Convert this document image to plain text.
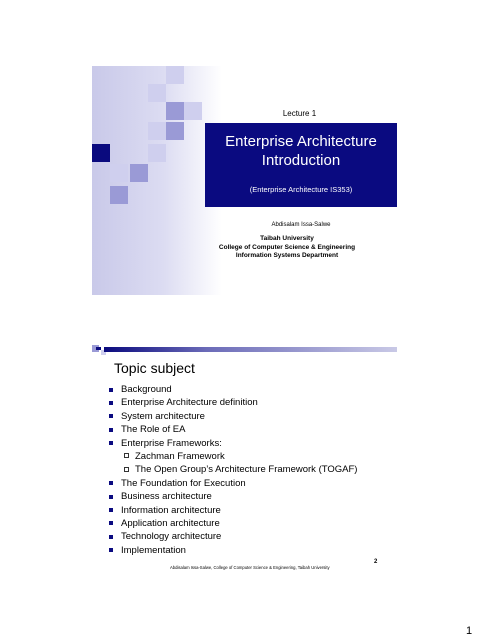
Lecture 1
Enterprise Architecture
Introduction
(Enterprise Architecture IS353)
Abdisalam Issa-Salwe
Taibah University
College of Computer Science & Engineering
Information Systems Department
Topic subject
Background
Enterprise Architecture definition
System architecture
The Role of EA
Enterprise Frameworks:
Zachman Framework
The Open Group’s Architecture Framework (TOGAF)
The Foundation for Execution
Business architecture
Information architecture
Application architecture
Technology architecture
Implementation
Abdisalam Issa-Salwe, College of Computer Science & Engineering, Taibah University
2
1
